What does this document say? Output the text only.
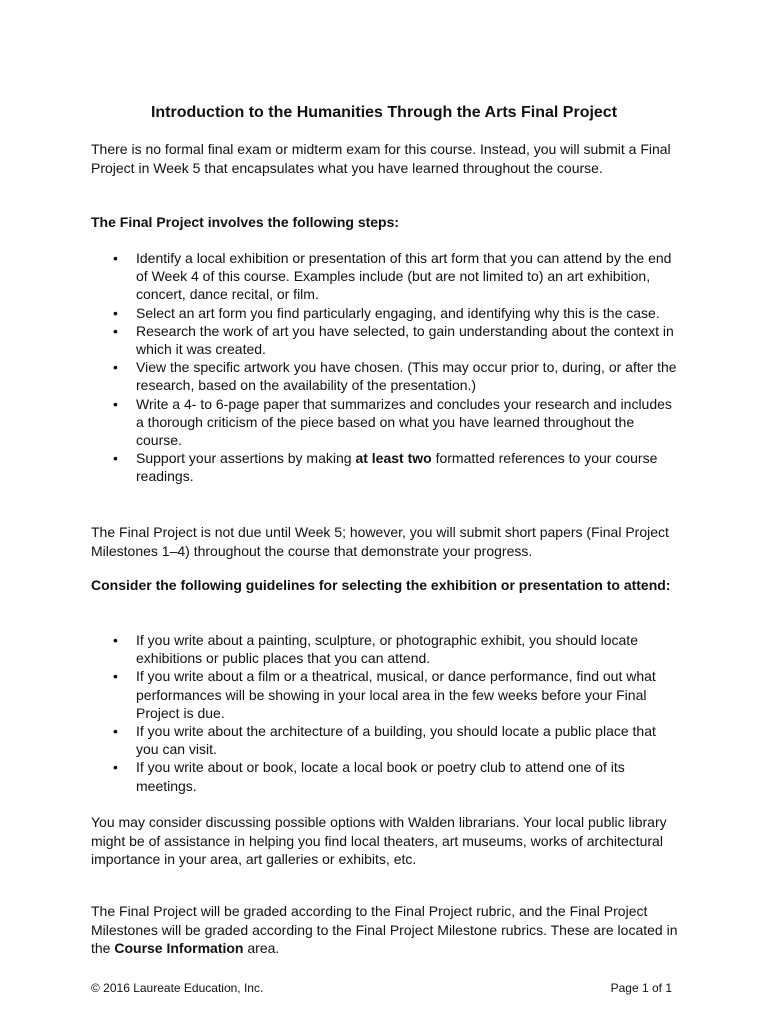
Introduction to the Humanities Through the Arts Final Project
There is no formal final exam or midterm exam for this course. Instead, you will submit a Final Project in Week 5 that encapsulates what you have learned throughout the course.
The Final Project involves the following steps:
• Identify a local exhibition or presentation of this art form that you can attend by the end of Week 4 of this course. Examples include (but are not limited to) an art exhibition, concert, dance recital, or film.
• Select an art form you find particularly engaging, and identifying why this is the case.
• Research the work of art you have selected, to gain understanding about the context in which it was created.
• View the specific artwork you have chosen. (This may occur prior to, during, or after the research, based on the availability of the presentation.)
• Write a 4- to 6-page paper that summarizes and concludes your research and includes a thorough criticism of the piece based on what you have learned throughout the course.
• Support your assertions by making at least two formatted references to your course readings.
The Final Project is not due until Week 5; however, you will submit short papers (Final Project Milestones 1–4) throughout the course that demonstrate your progress.
Consider the following guidelines for selecting the exhibition or presentation to attend:
• If you write about a painting, sculpture, or photographic exhibit, you should locate exhibitions or public places that you can attend.
• If you write about a film or a theatrical, musical, or dance performance, find out what performances will be showing in your local area in the few weeks before your Final Project is due.
• If you write about the architecture of a building, you should locate a public place that you can visit.
• If you write about or book, locate a local book or poetry club to attend one of its meetings.
You may consider discussing possible options with Walden librarians. Your local public library might be of assistance in helping you find local theaters, art museums, works of architectural importance in your area, art galleries or exhibits, etc.
The Final Project will be graded according to the Final Project rubric, and the Final Project Milestones will be graded according to the Final Project Milestone rubrics. These are located in the Course Information area.
© 2016 Laureate Education, Inc.	Page 1 of 1
